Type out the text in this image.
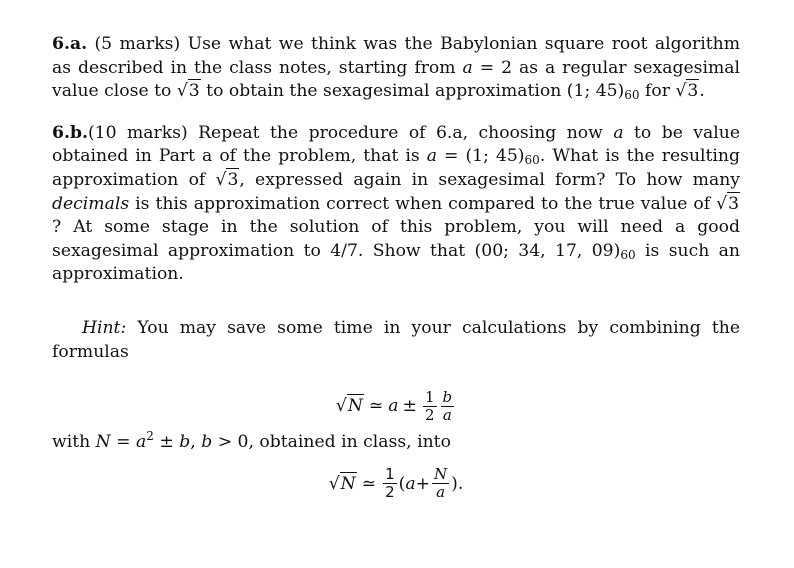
6.a. (5 marks) Use what we think was the Babylonian square root algorithm as described in the class notes, starting from a = 2 as a regular sexagesimal value close to √3 to obtain the sexagesimal approximation (1; $45)_{60}$ for √3.

6.b.(10 marks) Repeat the procedure of 6.a, choosing now a to be value obtained in Part a of the problem, that is a = (1; $45)_{60}$. What is the resulting approximation of √3, expressed again in sexagesimal form? To how many decimals is this approximation correct when compared to the true value of √3? At some stage in the solution of this problem, you will need a good sexagesimal approximation to 4/7. Show that (00; 34, 17, $09)_{60}$ is such an approximation.

Hint: You may save some time in your calculations by combining the formulas

√N ≃ $a \pm \frac{1}{2} \frac{b}{a}$
with $N = a^2 \pm b$, b > 0, obtained in class, into
√N ≃ $\frac{1}{2}$ ( $a + \frac{N}{a}$ ).
